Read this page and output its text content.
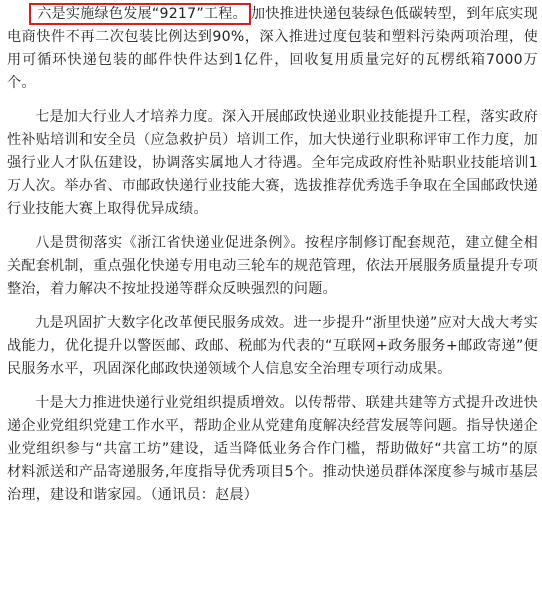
六是实施绿色发展“9217”工程。 加快推进快递包装绿色低碳转型，到年底实现电商快件不再二次包装比例达到90%，深入推进过度包装和塑料污染两项治理，使用可循环快递包装的邮件快件达到1亿件，回收复用质量完好的瓦楞纸箱7000万个。

七是加大行业人才培养力度。深入开展邮政快递业职业技能提升工程，落实政府性补贴培训和安全员（应急救护员）培训工作，加大快递行业职称评审工作力度，加强行业人才队伍建设，协调落实属地人才待遇。全年完成政府性补贴职业技能培训1万人次。举办省、市邮政快递行业技能大赛，选拔推荐优秀选手争取在全国邮政快递行业技能大赛上取得优异成绩。

八是贯彻落实《浙江省快递业促进条例》。按程序制修订配套规范，建立健全相关配套机制，重点强化快递专用电动三轮车的规范管理，依法开展服务质量提升专项整治，着力解决不按址投递等群众反映强烈的问题。

九是巩固扩大数字化改革便民服务成效。进一步提升“浙里快递”应对大战大考实战能力，优化提升以警医邮、政邮、税邮为代表的“互联网+政务服务+邮政寄递”便民服务水平，巩固深化邮政快递领域个人信息安全治理专项行动成果。

十是大力推进快递行业党组织提质增效。以传帮带、联建共建等方式提升改进快递企业党组织党建工作水平，帮助企业从党建角度解决经营发展等问题。指导快递企业党组织参与“共富工坊”建设，适当降低业务合作门槛，帮助做好“共富工坊”的原材料派送和产品寄递服务,年度指导优秀项目5个。推动快递员群体深度参与城市基层治理，建设和谐家园。（通讯员：赵晨）
